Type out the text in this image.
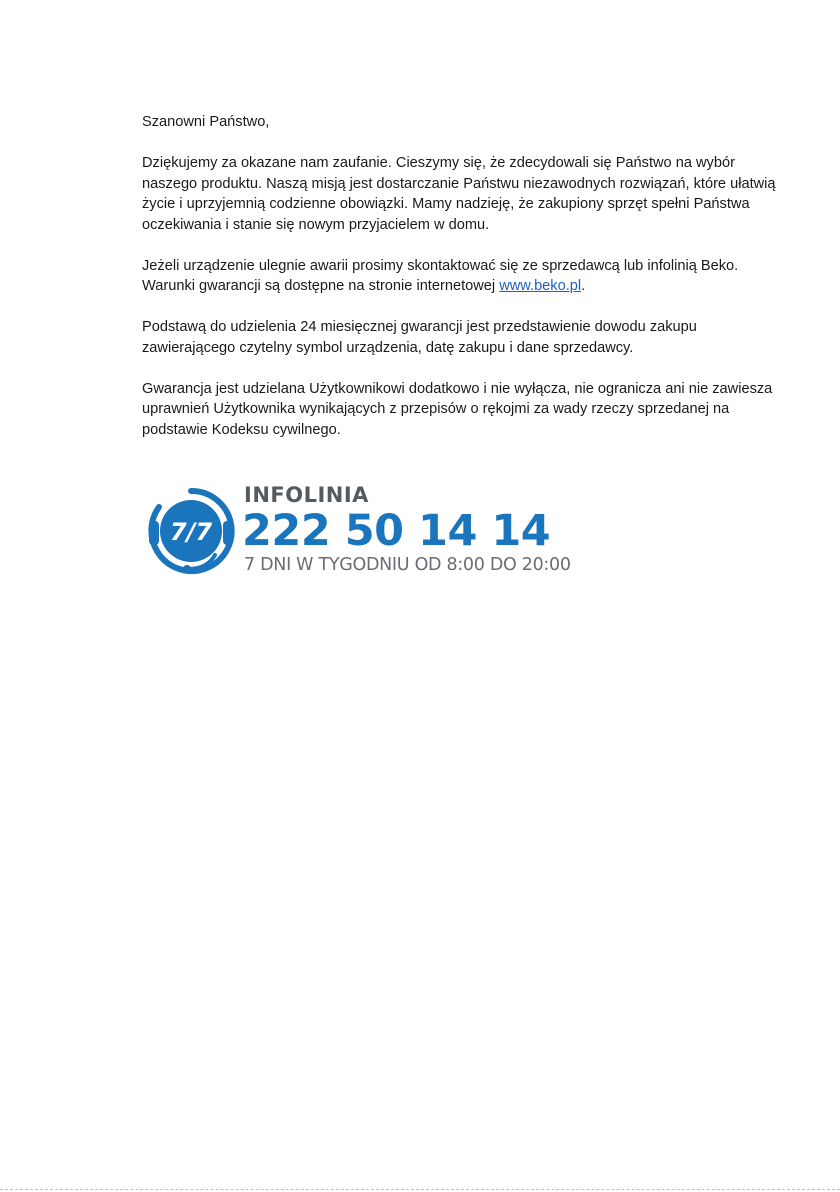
Szanowni Państwo,

Dziękujemy za okazane nam zaufanie. Cieszymy się, że zdecydowali się Państwo na wybór naszego produktu. Naszą misją jest dostarczanie Państwu niezawodnych rozwiązań, które ułatwią życie i uprzyjemnią codzienne obowiązki. Mamy nadzieję, że zakupiony sprzęt spełni Państwa oczekiwania i stanie się nowym przyjacielem w domu.

Jeżeli urządzenie ulegnie awarii prosimy skontaktować się ze sprzedawcą lub infolinią Beko.
Warunki gwarancji są dostępne na stronie internetowej www.beko.pl.

Podstawą do udzielenia 24 miesięcznej gwarancji jest przedstawienie dowodu zakupu zawierającego czytelny symbol urządzenia, datę zakupu i dane sprzedawcy.

Gwarancja jest udzielana Użytkownikowi dodatkowo i nie wyłącza, nie ogranicza ani nie zawiesza uprawnień Użytkownika wynikających z przepisów o rękojmi za wady rzeczy sprzedanej na podstawie Kodeksu cywilnego.

7/7
INFOLINIA
222 50 14 14
7 DNI W TYGODNIU OD 8:00 DO 20:00
